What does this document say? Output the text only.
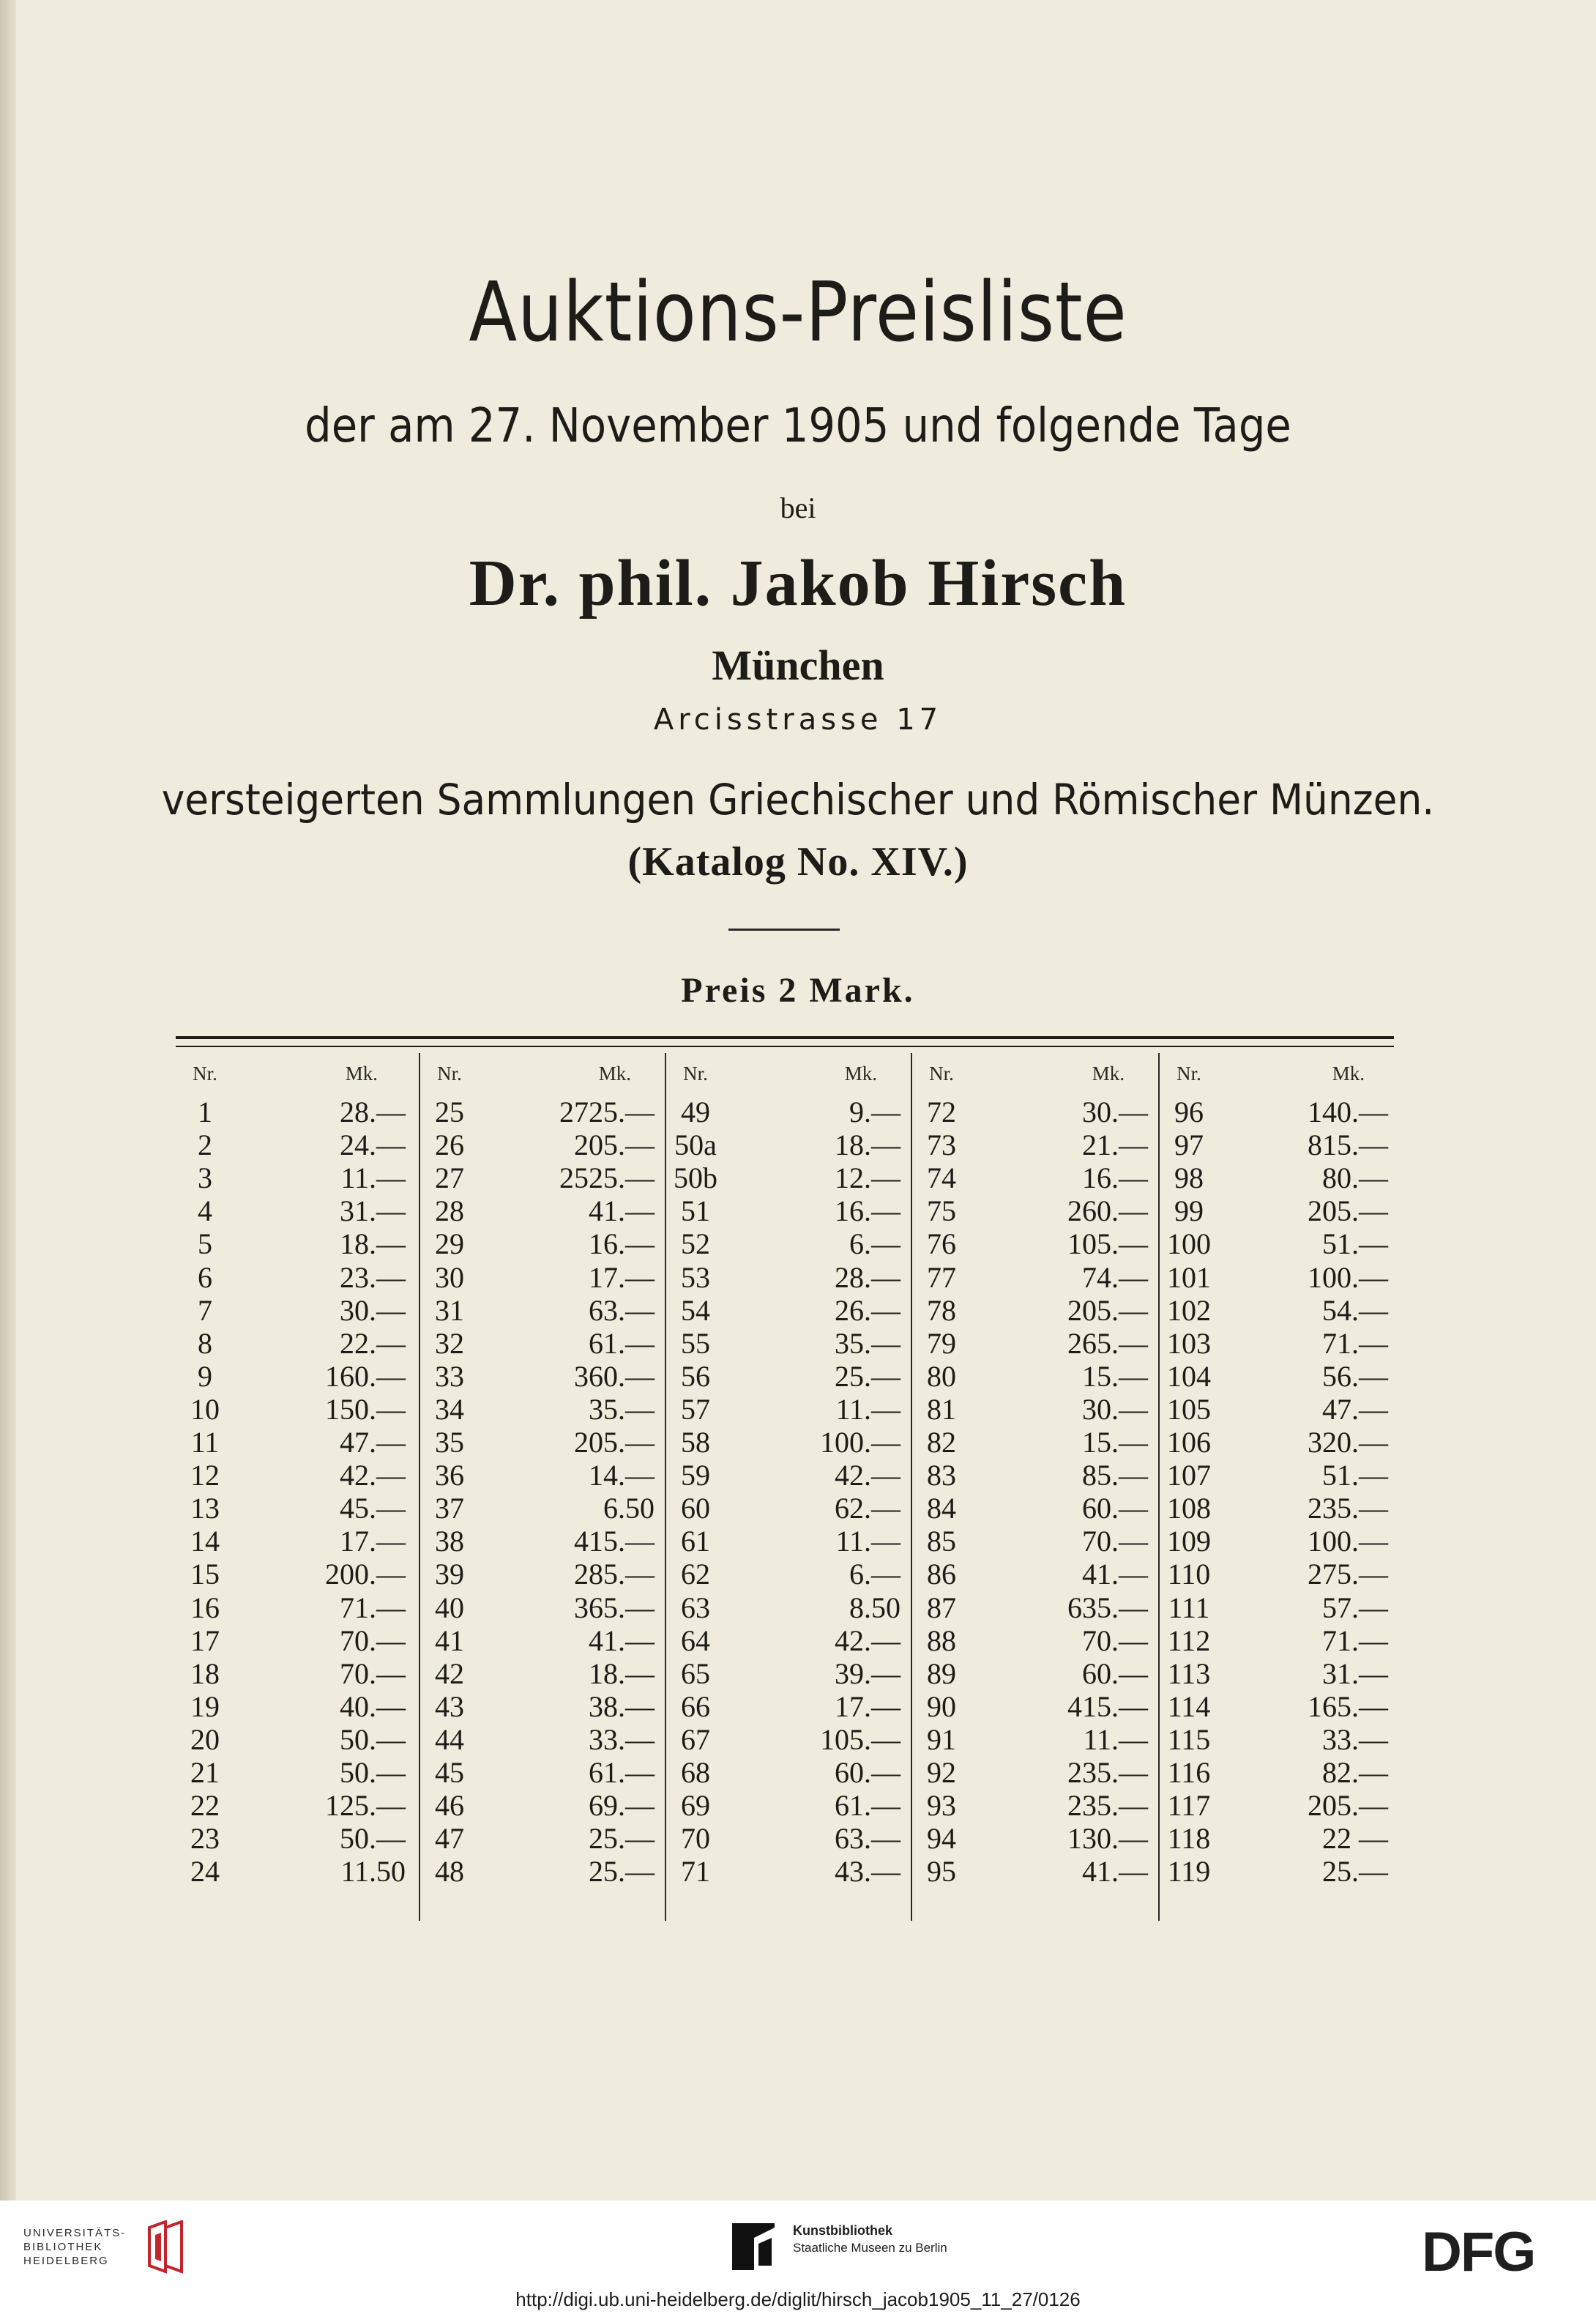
Auktions-Preisliste
der am 27. November 1905 und folgende Tage
bei
Dr. phil. Jakob Hirsch
München
Arcisstrasse 17
versteigerten Sammlungen Griechischer und Römischer Münzen.
(Katalog No. XIV.)
Preis 2 Mark.
Nr.	Mk.
1	28.—
2	24.—
3	11.—
4	31.—
5	18.—
6	23.—
7	30.—
8	22.—
9	160.—
10	150.—
11	47.—
12	42.—
13	45.—
14	17.—
15	200.—
16	71.—
17	70.—
18	70.—
19	40.—
20	50.—
21	50.—
22	125.—
23	50.—
24	11.50
Nr.	Mk.
25	2725.—
26	205.—
27	2525.—
28	41.—
29	16.—
30	17.—
31	63.—
32	61.—
33	360.—
34	35.—
35	205.—
36	14.—
37	6.50
38	415.—
39	285.—
40	365.—
41	41.—
42	18.—
43	38.—
44	33.—
45	61.—
46	69.—
47	25.—
48	25.—
Nr.	Mk.
49	9.—
50a	18.—
50b	12.—
51	16.—
52	6.—
53	28.—
54	26.—
55	35.—
56	25.—
57	11.—
58	100.—
59	42.—
60	62.—
61	11.—
62	6.—
63	8.50
64	42.—
65	39.—
66	17.—
67	105.—
68	60.—
69	61.—
70	63.—
71	43.—
Nr.	Mk.
72	30.—
73	21.—
74	16.—
75	260.—
76	105.—
77	74.—
78	205.—
79	265.—
80	15.—
81	30.—
82	15.—
83	85.—
84	60.—
85	70.—
86	41.—
87	635.—
88	70.—
89	60.—
90	415.—
91	11.—
92	235.—
93	235.—
94	130.—
95	41.—
Nr.	Mk.
96	140.—
97	815.—
98	80.—
99	205.—
100	51.—
101	100.—
102	54.—
103	71.—
104	56.—
105	47.—
106	320.—
107	51.—
108	235.—
109	100.—
110	275.—
111	57.—
112	71.—
113	31.—
114	165.—
115	33.—
116	82.—
117	205.—
118	22 —
119	25.—
UNIVERSITÄTS-
BIBLIOTHEK
HEIDELBERG
Kunstbibliothek
Staatliche Museen zu Berlin	DFG
http://digi.ub.uni-heidelberg.de/diglit/hirsch_jacob1905_11_27/0126
